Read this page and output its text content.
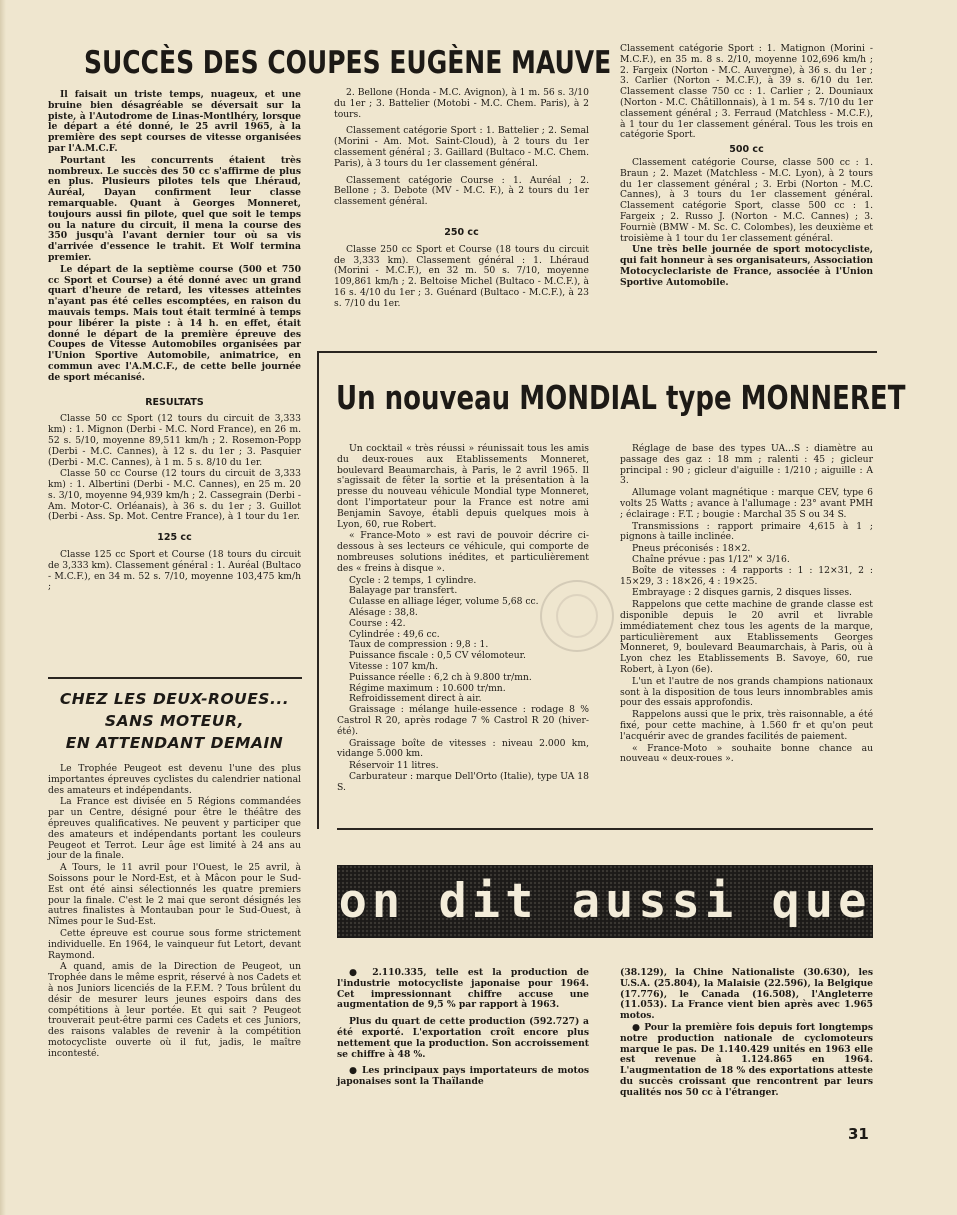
SUCCÈS DES COUPES EUGÈNE MAUVE

Il faisait un triste temps, nuageux, et une bruine bien désagréable se déversait sur la piste, à l'Autodrome de Linas-Montlhéry, lorsque le départ a été donné, le 25 avril 1965, à la première des sept courses de vitesse organisées par l'A.M.C.F.

Pourtant les concurrents étaient très nombreux. Le succès des 50 cc s'affirme de plus en plus. Plusieurs pilotes tels que Lhéraud, Auréal, Dayan confirment leur classe remarquable. Quant à Georges Monneret, toujours aussi fin pilote, quel que soit le temps ou la nature du circuit, il mena la course des 350 jusqu'à l'avant dernier tour où sa vis d'arrivée d'essence le trahit. Et Wolf termina premier.

Le départ de la septième course (500 et 750 cc Sport et Course) a été donné avec un grand quart d'heure de retard, les vitesses atteintes n'ayant pas été celles escomptées, en raison du mauvais temps. Mais tout était terminé à temps pour libérer la piste : à 14 h. en effet, était donné le départ de la première épreuve des Coupes de Vitesse Automobiles organisées par l'Union Sportive Automobile, animatrice, en commun avec l'A.M.C.F., de cette belle journée de sport mécanisé.

RESULTATS

Classe 50 cc Sport (12 tours du circuit de 3,333 km) : 1. Mignon (Derbi - M.C. Nord France), en 26 m. 52 s. 5/10, moyenne 89,511 km/h ; 2. Rosemon-Popp (Derbi - M.C. Cannes), à 12 s. du 1er ; 3. Pasquier (Derbi - M.C. Cannes), à 1 m. 5 s. 8/10 du 1er.

Classe 50 cc Course (12 tours du circuit de 3,333 km) : 1. Albertini (Derbi - M.C. Cannes), en 25 m. 20 s. 3/10, moyenne 94,939 km/h ; 2. Cassegrain (Derbi - Am. Motor-C. Orléanais), à 36 s. du 1er ; 3. Guillot (Derbi - Ass. Sp. Mot. Centre France), à 1 tour du 1er.

125 cc

Classe 125 cc Sport et Course (18 tours du circuit de 3,333 km). Classement général : 1. Auréal (Bultaco - M.C.F.), en 34 m. 52 s. 7/10, moyenne 103,475 km/h ;

CHEZ LES DEUX-ROUES...
SANS MOTEUR,
EN ATTENDANT DEMAIN

Le Trophée Peugeot est devenu l'une des plus importantes épreuves cyclistes du calendrier national des amateurs et indépendants.

La France est divisée en 5 Régions commandées par un Centre, désigné pour être le théâtre des épreuves qualificatives. Ne peuvent y participer que des amateurs et indépendants portant les couleurs Peugeot et Terrot. Leur âge est limité à 24 ans au jour de la finale.

A Tours, le 11 avril pour l'Ouest, le 25 avril, à Soissons pour le Nord-Est, et à Mâcon pour le Sud-Est ont été ainsi sélectionnés les quatre premiers pour la finale. C'est le 2 mai que seront désignés les autres finalistes à Montauban pour le Sud-Ouest, à Nîmes pour le Sud-Est.

Cette épreuve est courue sous forme strictement individuelle. En 1964, le vainqueur fut Letort, devant Raymond.

A quand, amis de la Direction de Peugeot, un Trophée dans le même esprit, réservé à nos Cadets et à nos Juniors licenciés de la F.F.M. ? Tous brûlent du désir de mesurer leurs jeunes espoirs dans des compétitions à leur portée. Et qui sait ? Peugeot trouverait peut-être parmi ces Cadets et ces Juniors, des raisons valables de revenir à la compétition motocycliste ouverte où il fut, jadis, le maître incontesté.

2. Bellone (Honda - M.C. Avignon), à 1 m. 56 s. 3/10 du 1er ; 3. Battelier (Motobi - M.C. Chem. Paris), à 2 tours.

Classement catégorie Sport : 1. Battelier ; 2. Semal (Morini - Am. Mot. Saint-Cloud), à 2 tours du 1er classement général ; 3. Gaillard (Bultaco - M.C. Chem. Paris), à 3 tours du 1er classement général.

Classement catégorie Course : 1. Auréal ; 2. Bellone ; 3. Debote (MV - M.C. F.), à 2 tours du 1er classement général.

250 cc

Classe 250 cc Sport et Course (18 tours du circuit de 3,333 km). Classement général : 1. Lhéraud (Morini - M.C.F.), en 32 m. 50 s. 7/10, moyenne 109,861 km/h ; 2. Beltoise Michel (Bultaco - M.C.F.), à 16 s. 4/10 du 1er ; 3. Guénard (Bultaco - M.C.F.), à 23 s. 7/10 du 1er.

Classement catégorie Sport : 1. Matignon (Morini - M.C.F.), en 35 m. 8 s. 2/10, moyenne 102,696 km/h ; 2. Fargeix (Norton - M.C. Auvergne), à 36 s. du 1er ; 3. Carlier (Norton - M.C.F.), à 39 s. 6/10 du 1er. Classement classe 750 cc : 1. Carlier ; 2. Douniaux (Norton - M.C. Châtillonnais), à 1 m. 54 s. 7/10 du 1er classement général ; 3. Ferraud (Matchless - M.C.F.), à 1 tour du 1er classement général. Tous les trois en catégorie Sport.

500 cc

Classement catégorie Course, classe 500 cc : 1. Braun ; 2. Mazet (Matchless - M.C. Lyon), à 2 tours du 1er classement général ; 3. Erbi (Norton - M.C. Cannes), à 3 tours du 1er classement général. Classement catégorie Sport, classe 500 cc : 1. Fargeix ; 2. Russo J. (Norton - M.C. Cannes) ; 3. Fourniè (BMW - M. Sc. C. Colombes), les deuxième et troisième à 1 tour du 1er classement général.

Une très belle journée de sport motocycliste, qui fait honneur à ses organisateurs, Association Motocycleclariste de France, associée à l'Union Sportive Automobile.

Un nouveau MONDIAL type MONNERET

Un cocktail « très réussi » réunissait tous les amis du deux-roues aux Etablissements Monneret, boulevard Beaumarchais, à Paris, le 2 avril 1965. Il s'agissait de fêter la sortie et la présentation à la presse du nouveau véhicule Mondial type Monneret, dont l'importateur pour la France est notre ami Benjamin Savoye, établi depuis quelques mois à Lyon, 60, rue Robert.

« France-Moto » est ravi de pouvoir décrire ci-dessous à ses lecteurs ce véhicule, qui comporte de nombreuses solutions inédites, et particulièrement des « freins à disque ».

Cycle : 2 temps, 1 cylindre.
Balayage par transfert.
Culasse en alliage léger, volume 5,68 cc.
Alésage : 38,8.
Course : 42.
Cylindrée : 49,6 cc.
Taux de compression : 9,8 : 1.
Puissance fiscale : 0,5 CV vélomoteur.
Vitesse : 107 km/h.
Puissance réelle : 6,2 ch à 9.800 tr/mn.
Régime maximum : 10.600 tr/mn.
Refroidissement direct à air.

Graissage : mélange huile-essence : rodage 8 % Castrol R 20, après rodage 7 % Castrol R 20 (hiver-été).

Graissage boîte de vitesses : niveau 2.000 km, vidange 5.000 km.

Réservoir 11 litres.

Carburateur : marque Dell'Orto (Italie), type UA 18 S.

Réglage de base des types UA...S : diamètre au passage des gaz : 18 mm ; ralenti : 45 ; gicleur principal : 90 ; gicleur d'aiguille : 1/210 ; aiguille : A 3.

Allumage volant magnétique : marque CEV, type 6 volts 25 Watts ; avance à l'allumage : 23° avant PMH ; éclairage : F.T. ; bougie : Marchal 35 S ou 34 S.

Transmissions : rapport primaire 4,615 à 1 ; pignons à taille inclinée.

Pneus préconisés : 18×2.
Chaîne prévue : pas 1/12" × 3/16.

Boîte de vitesses : 4 rapports : 1 : 12×31, 2 : 15×29, 3 : 18×26, 4 : 19×25.

Embrayage : 2 disques garnis, 2 disques lisses.

Rappelons que cette machine de grande classe est disponible depuis le 20 avril et livrable immédiatement chez tous les agents de la marque, particulièrement aux Etablissements Georges Monneret, 9, boulevard Beaumarchais, à Paris, où à Lyon chez les Etablissements B. Savoye, 60, rue Robert, à Lyon (6e).

L'un et l'autre de nos grands champions nationaux sont à la disposition de tous leurs innombrables amis pour des essais approfondis.

Rappelons aussi que le prix, très raisonnable, a été fixé, pour cette machine, à 1.560 fr et qu'on peut l'acquérir avec de grandes facilités de paiement.

« France-Moto » souhaite bonne chance au nouveau « deux-roues ».

on dit aussi que

● 2.110.335, telle est la production de l'industrie motocycliste japonaise pour 1964. Cet impressionnant chiffre accuse une augmentation de 9,5 % par rapport à 1963.

Plus du quart de cette production (592.727) a été exporté. L'exportation croît encore plus nettement que la production. Son accroissement se chiffre à 48 %.

● Les principaux pays importateurs de motos japonaises sont la Thaïlande

(38.129), la Chine Nationaliste (30.630), les U.S.A. (25.804), la Malaisie (22.596), la Belgique (17.776), le Canada (16.508), l'Angleterre (11.053). La France vient bien après avec 1.965 motos.

● Pour la première fois depuis fort longtemps notre production nationale de cyclomoteurs marque le pas. De 1.140.429 unités en 1963 elle est revenue à 1.124.865 en 1964. L'augmentation de 18 % des exportations atteste du succès croissant que rencontrent par leurs qualités nos 50 cc à l'étranger.

31
